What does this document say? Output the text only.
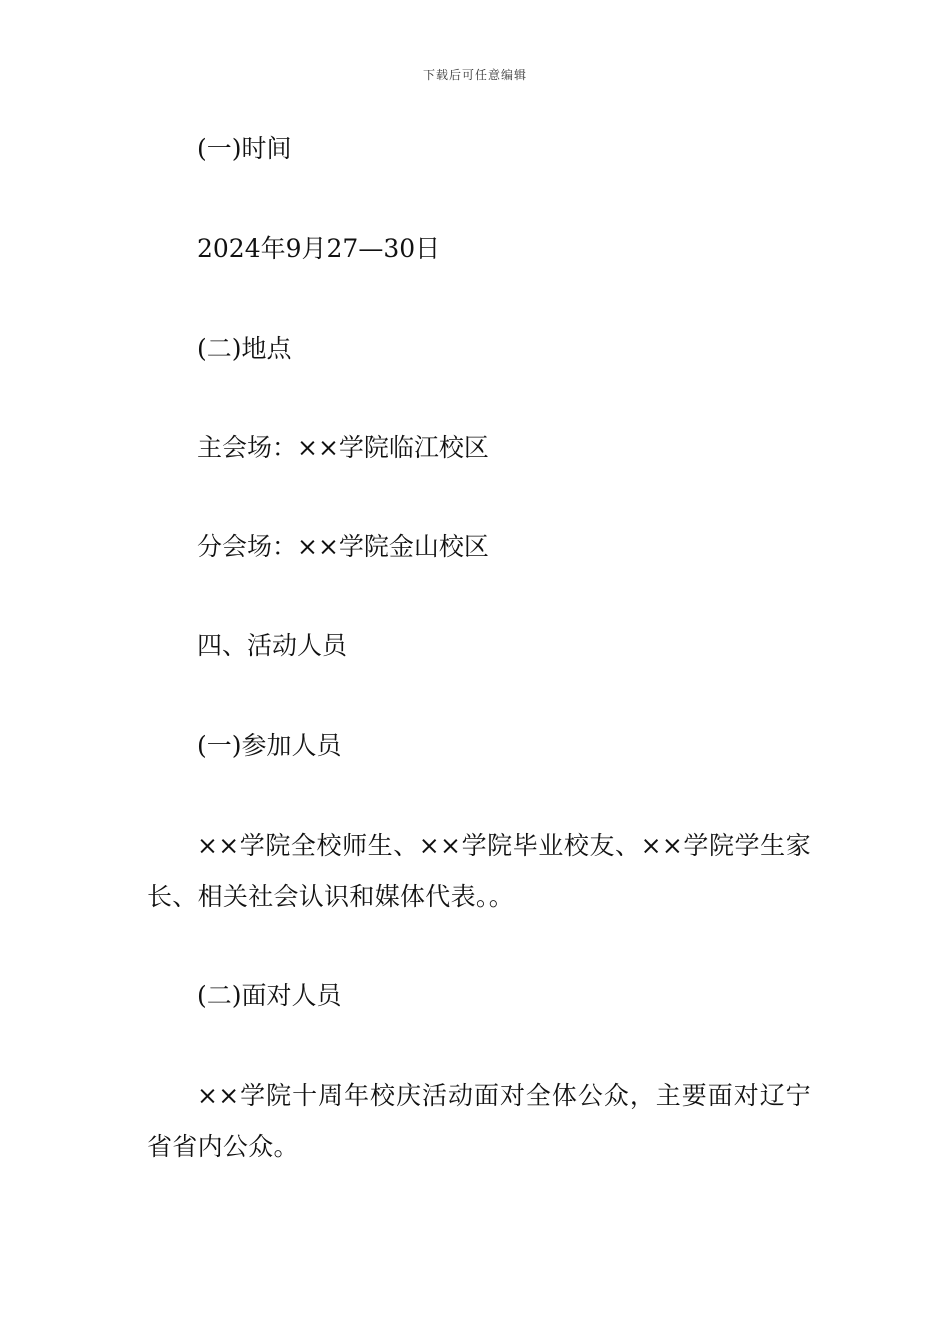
下载后可任意编辑
(一)时间
2024年9月27—30日
(二)地点
主会场：××学院临江校区
分会场：××学院金山校区
四、活动人员
(一)参加人员
××学院全校师生、××学院毕业校友、××学院学生家长、相关社会认识和媒体代表。。
(二)面对人员
××学院十周年校庆活动面对全体公众，主要面对辽宁省省内公众。
